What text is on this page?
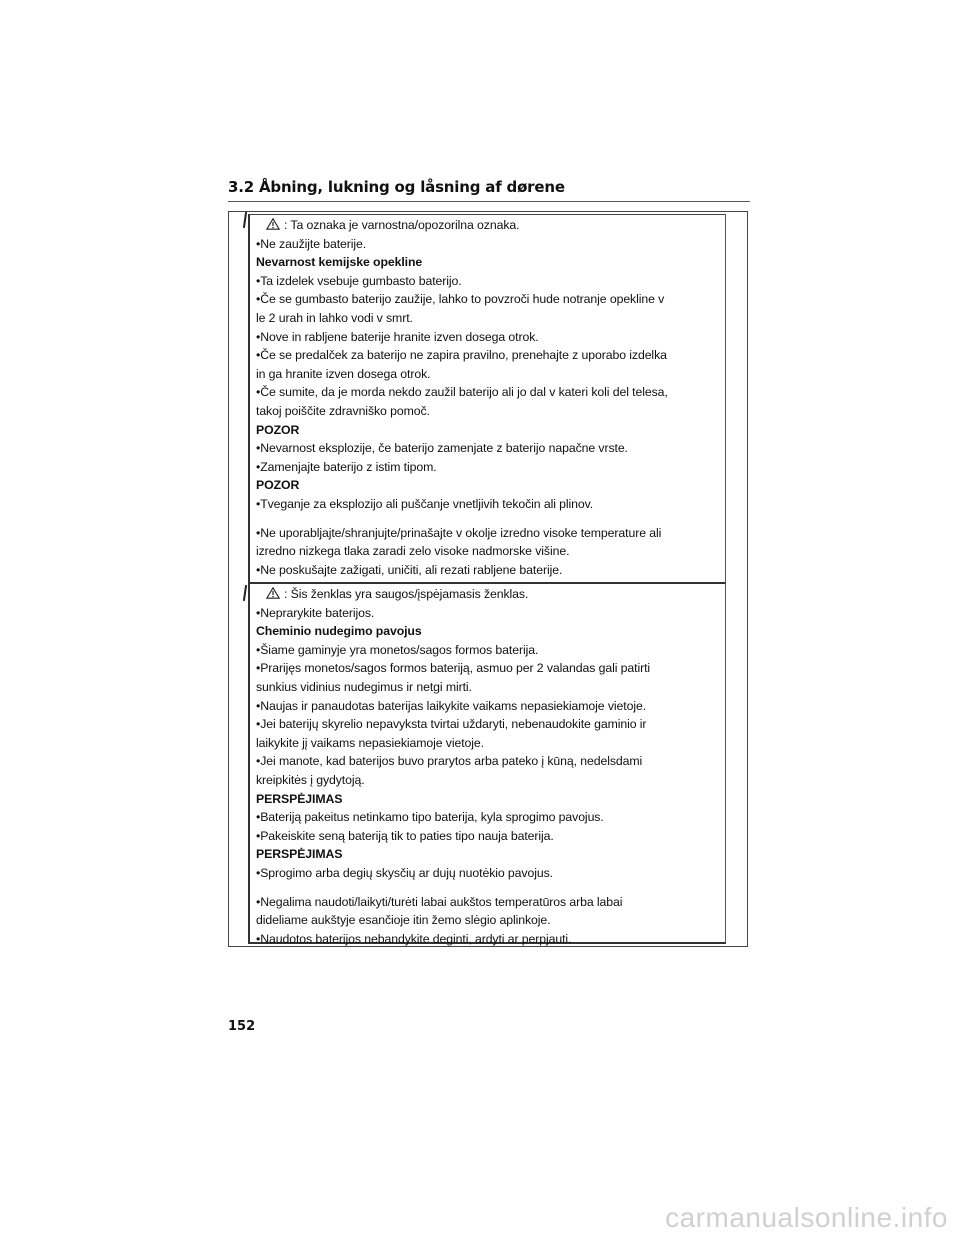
3.2 Åbning, lukning og låsning af dørene
: Ta oznaka je varnostna/opozorilna oznaka.
•Ne zaužijte baterije.
Nevarnost kemijske opekline
•Ta izdelek vsebuje gumbasto baterijo.
•Če se gumbasto baterijo zaužije, lahko to povzroči hude notranje opekline v
le 2 urah in lahko vodi v smrt.
•Nove in rabljene baterije hranite izven dosega otrok.
•Če se predalček za baterijo ne zapira pravilno, prenehajte z uporabo izdelka
in ga hranite izven dosega otrok.
•Če sumite, da je morda nekdo zaužil baterijo ali jo dal v kateri koli del telesa,
takoj poiščite zdravniško pomoč.
POZOR
•Nevarnost eksplozije, če baterijo zamenjate z baterijo napačne vrste.
•Zamenjajte baterijo z istim tipom.
POZOR
•Tveganje za eksplozijo ali puščanje vnetljivih tekočin ali plinov.
•Ne uporabljajte/shranjujte/prinašajte v okolje izredno visoke temperature ali
izredno nizkega tlaka zaradi zelo visoke nadmorske višine.
•Ne poskušajte zažigati, uničiti, ali rezati rabljene baterije.
: Šis ženklas yra saugos/įspėjamasis ženklas.
•Neprarykite baterijos.
Cheminio nudegimo pavojus
•Šiame gaminyje yra monetos/sagos formos baterija.
•Prarijęs monetos/sagos formos bateriją, asmuo per 2 valandas gali patirti
sunkius vidinius nudegimus ir netgi mirti.
•Naujas ir panaudotas baterijas laikykite vaikams nepasiekiamoje vietoje.
•Jei baterijų skyrelio nepavyksta tvirtai uždaryti, nebenaudokite gaminio ir
laikykite jį vaikams nepasiekiamoje vietoje.
•Jei manote, kad baterijos buvo prarytos arba pateko į kūną, nedelsdami
kreipkitės į gydytoją.
PERSPĖJIMAS
•Bateriją pakeitus netinkamo tipo baterija, kyla sprogimo pavojus.
•Pakeiskite seną bateriją tik to paties tipo nauja baterija.
PERSPĖJIMAS
•Sprogimo arba degių skysčių ar dujų nuotėkio pavojus.
•Negalima naudoti/laikyti/turėti labai aukštos temperatūros arba labai
dideliame aukštyje esančioje itin žemo slėgio aplinkoje.
•Naudotos baterijos nebandykite deginti, ardyti ar perpjauti.
152
carmanualsonline.info
